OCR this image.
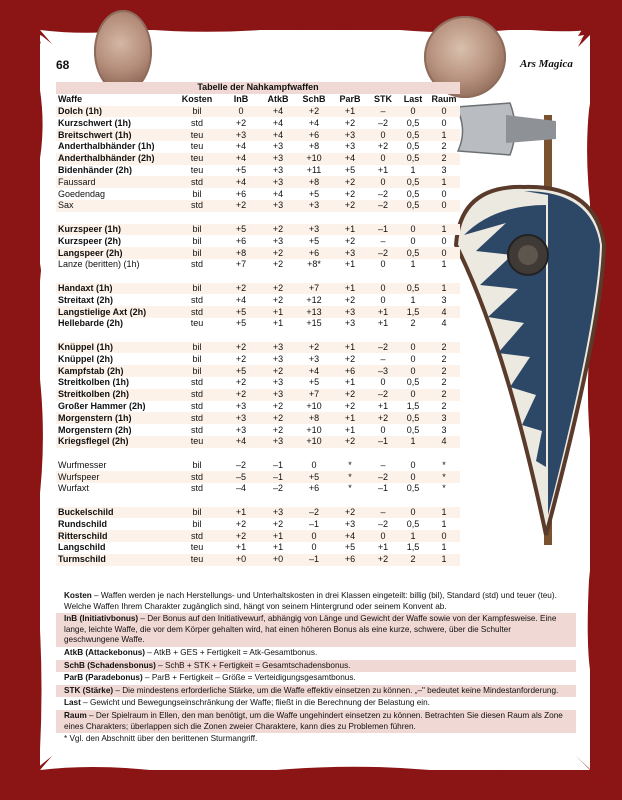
68	Ars Magica
Tabelle der Nahkampfwaffen								
Waffe	Kosten	InB	AtkB	SchB	ParB	STK	Last	Raum
Dolch (1h)	bil	0	+4	+2	+1	–	0	0
Kurzschwert (1h)	std	+2	+4	+4	+2	–2	0,5	0
Breitschwert (1h)	teu	+3	+4	+6	+3	0	0,5	1
Anderthalbhänder (1h)	teu	+4	+3	+8	+3	+2	0,5	2
Anderthalbhänder (2h)	teu	+4	+3	+10	+4	0	0,5	2
Bidenhänder (2h)	teu	+5	+3	+11	+5	+1	1	3
Faussard	std	+4	+3	+8	+2	0	0,5	1
Goedendag	bil	+6	+4	+5	+2	–2	0,5	0
Sax	std	+2	+3	+3	+2	–2	0,5	0

Kurzspeer (1h)	bil	+5	+2	+3	+1	–1	0	1
Kurzspeer (2h)	bil	+6	+3	+5	+2	–	0	0
Langspeer (2h)	bil	+8	+2	+6	+3	–2	0,5	0
Lanze (beritten) (1h)	std	+7	+2	+8*	+1	0	1	1

Handaxt (1h)	bil	+2	+2	+7	+1	0	0,5	1
Streitaxt (2h)	std	+4	+2	+12	+2	0	1	3
Langstielige Axt (2h)	std	+5	+1	+13	+3	+1	1,5	4
Hellebarde (2h)	teu	+5	+1	+15	+3	+1	2	4

Knüppel (1h)	bil	+2	+3	+2	+1	–2	0	2
Knüppel (2h)	bil	+2	+3	+3	+2	–	0	2
Kampfstab (2h)	bil	+5	+2	+4	+6	–3	0	2
Streitkolben (1h)	std	+2	+3	+5	+1	0	0,5	2
Streitkolben (2h)	std	+2	+3	+7	+2	–2	0	2
Großer Hammer (2h)	std	+3	+2	+10	+2	+1	1,5	2
Morgenstern (1h)	std	+3	+2	+8	+1	+2	0,5	3
Morgenstern (2h)	std	+3	+2	+10	+1	0	0,5	3
Kriegsflegel (2h)	teu	+4	+3	+10	+2	–1	1	4

Wurfmesser	bil	–2	–1	0	*	–	0	*
Wurfspeer	std	–5	–1	+5	*	–2	0	*
Wurfaxt	std	–4	–2	+6	*	–1	0,5	*

Buckelschild	bil	+1	+3	–2	+2	–	0	1
Rundschild	bil	+2	+2	–1	+3	–2	0,5	1
Ritterschild	std	+2	+1	0	+4	0	1	0
Langschild	teu	+1	+1	0	+5	+1	1,5	1
Turmschild	teu	+0	+0	–1	+6	+2	2	1

Kosten – Waffen werden je nach Herstellungs- und Unterhaltskosten in drei Klassen eingeteilt: billig (bil), Standard (std) und teuer (teu). Welche Waffen Ihrem Charakter zugänglich sind, hängt von seinem Hintergrund oder seinem Konvent ab.

InB (Initiativbonus) – Der Bonus auf den Initiativewurf, abhängig von Länge und Gewicht der Waffe sowie von der Kampfesweise. Eine lange, leichte Waffe, die vor dem Körper gehalten wird, hat einen höheren Bonus als eine kurze, schwere, über die Schulter geschwungene Waffe.

AtkB (Attackebonus) – AtkB + GES + Fertigkeit = Atk-Gesamtbonus.

SchB (Schadensbonus) – SchB + STK + Fertigkeit = Gesamtschadensbonus.

ParB (Paradebonus) – ParB + Fertigkeit – Größe = Verteidigungsgesamtbonus.

STK (Stärke) – Die mindestens erforderliche Stärke, um die Waffe effektiv einsetzen zu können. „–" bedeutet keine Mindestanforderung.

Last – Gewicht und Bewegungseinschränkung der Waffe; fließt in die Berechnung der Belastung ein.

Raum – Der Spielraum in Ellen, den man benötigt, um die Waffe ungehindert einsetzen zu können. Betrachten Sie diesen Raum als Zone eines Charakters; überlappen sich die Zonen zweier Charaktere, kann dies zu Problemen führen.

* Vgl. den Abschnitt über den berittenen Sturmangriff.
